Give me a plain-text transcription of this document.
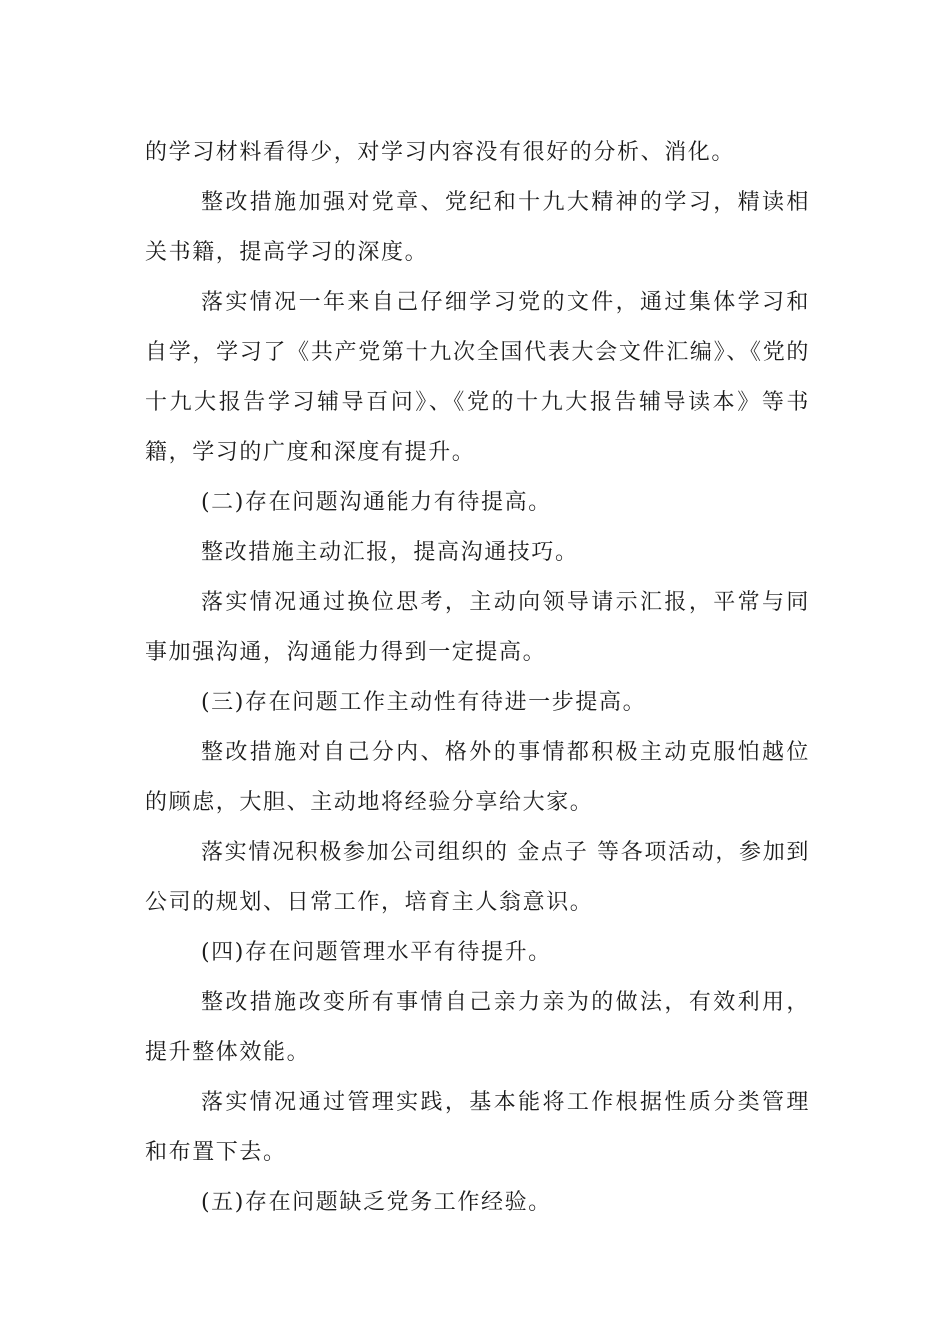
的学习材料看得少，对学习内容没有很好的分析、消化。

整改措施加强对党章、党纪和十九大精神的学习，精读相关书籍，提高学习的深度。

落实情况一年来自己仔细学习党的文件，通过集体学习和自学，学习了《共产党第十九次全国代表大会文件汇编》、《党的十九大报告学习辅导百问》、《党的十九大报告辅导读本》等书籍，学习的广度和深度有提升。

(二)存在问题沟通能力有待提高。

整改措施主动汇报，提高沟通技巧。

落实情况通过换位思考，主动向领导请示汇报，平常与同事加强沟通，沟通能力得到一定提高。

(三)存在问题工作主动性有待进一步提高。

整改措施对自己分内、格外的事情都积极主动克服怕越位的顾虑，大胆、主动地将经验分享给大家。

落实情况积极参加公司组织的 金点子 等各项活动，参加到公司的规划、日常工作，培育主人翁意识。

(四)存在问题管理水平有待提升。

整改措施改变所有事情自己亲力亲为的做法，有效利用，提升整体效能。

落实情况通过管理实践，基本能将工作根据性质分类管理和布置下去。

(五)存在问题缺乏党务工作经验。
